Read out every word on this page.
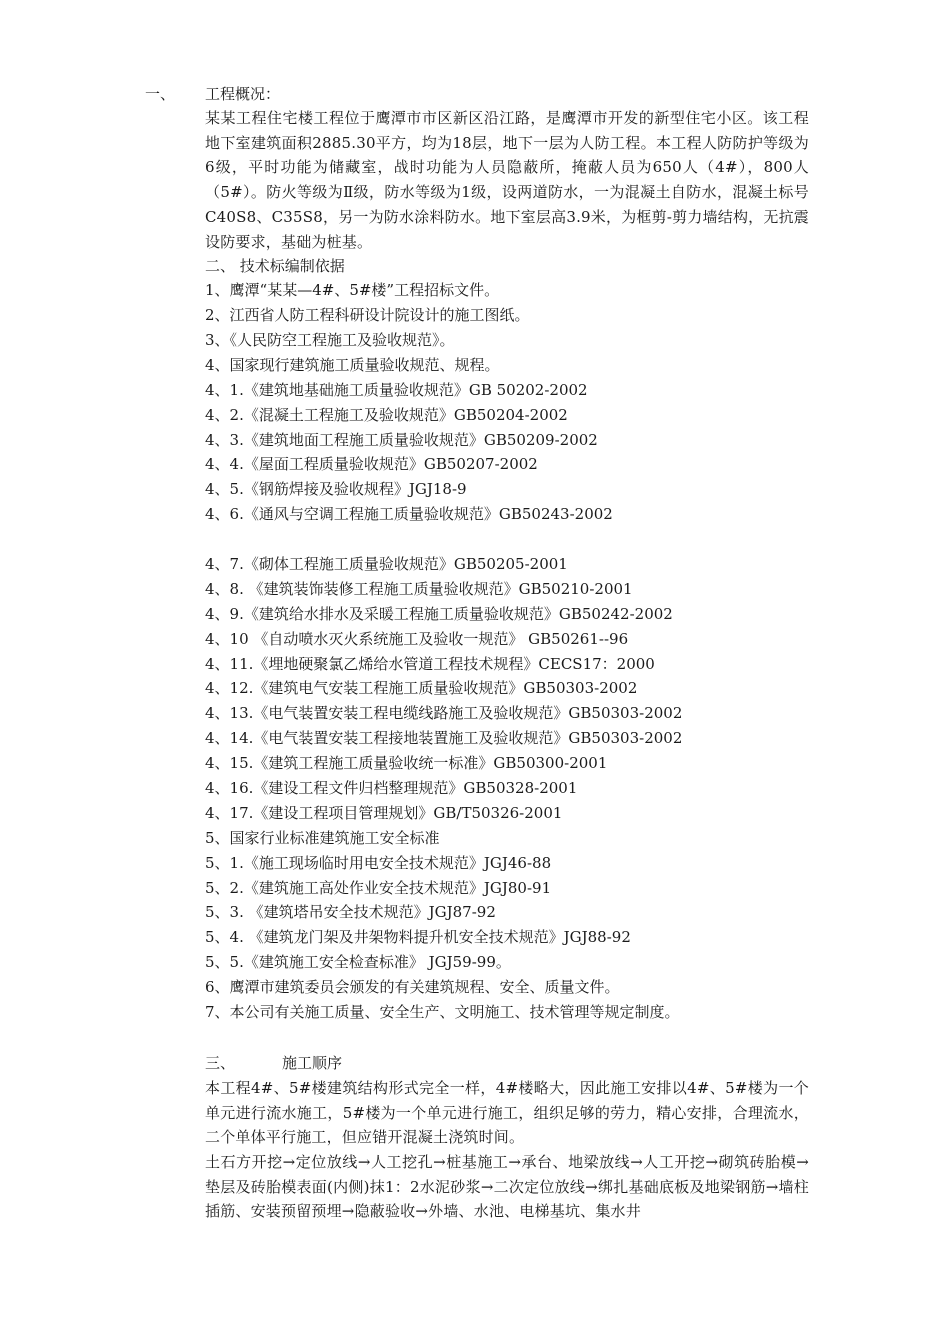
一、	工程概况：

某某工程住宅楼工程位于鹰潭市市区新区沿江路，是鹰潭市开发的新型住宅小区。该工程地下室建筑面积2885.30平方，均为18层，地下一层为人防工程。本工程人防防护等级为6级，平时功能为储藏室，战时功能为人员隐蔽所，掩蔽人员为650人（4#），800人（5#）。防火等级为Ⅱ级，防水等级为1级，设两道防水，一为混凝土自防水，混凝土标号C40S8、C35S8，另一为防水涂料防水。地下室层高3.9米，为框剪-剪力墙结构，无抗震设防要求，基础为桩基。

二、 技术标编制依据

1、鹰潭“某某—4#、5#楼”工程招标文件。

2、江西省人防工程科研设计院设计的施工图纸。

3、《人民防空工程施工及验收规范》。

4、国家现行建筑施工质量验收规范、规程。

4、1.《建筑地基础施工质量验收规范》GB 50202-2002

4、2.《混凝土工程施工及验收规范》GB50204-2002

4、3.《建筑地面工程施工质量验收规范》GB50209-2002

4、4.《屋面工程质量验收规范》GB50207-2002

4、5.《钢筋焊接及验收规程》JGJ18-9

4、6.《通风与空调工程施工质量验收规范》GB50243-2002

4、7.《砌体工程施工质量验收规范》GB50205-2001

4、8. 《建筑装饰装修工程施工质量验收规范》GB50210-2001

4、9.《建筑给水排水及采暖工程施工质量验收规范》GB50242-2002

4、10 《自动喷水灭火系统施工及验收一规范》 GB50261--96

4、11.《埋地硬聚氯乙烯给水管道工程技术规程》CECS17：2000

4、12.《建筑电气安装工程施工质量验收规范》GB50303-2002

4、13.《电气装置安装工程电缆线路施工及验收规范》GB50303-2002

4、14.《电气装置安装工程接地装置施工及验收规范》GB50303-2002

4、15.《建筑工程施工质量验收统一标准》GB50300-2001

4、16.《建设工程文件归档整理规范》GB50328-2001

4、17.《建设工程项目管理规划》GB/T50326-2001

5、国家行业标准建筑施工安全标准

5、1.《施工现场临时用电安全技术规范》JGJ46-88

5、2.《建筑施工高处作业安全技术规范》JGJ80-91

5、3. 《建筑塔吊安全技术规范》JGJ87-92

5、4. 《建筑龙门架及井架物料提升机安全技术规范》JGJ88-92

5、5.《建筑施工安全检查标准》 JGJ59-99。

6、鹰潭市建筑委员会颁发的有关建筑规程、安全、质量文件。

7、本公司有关施工质量、安全生产、文明施工、技术管理等规定制度。

三、	施工顺序

本工程4#、5#楼建筑结构形式完全一样，4#楼略大，因此施工安排以4#、5#楼为一个单元进行流水施工，5#楼为一个单元进行施工，组织足够的劳力，精心安排，合理流水，二个单体平行施工，但应错开混凝土浇筑时间。

土石方开挖→定位放线→人工挖孔→桩基施工→承台、地梁放线→人工开挖→砌筑砖胎模→垫层及砖胎模表面(内侧)抹1：2水泥砂浆→二次定位放线→绑扎基础底板及地梁钢筋→墙柱插筋、安装预留预埋→隐蔽验收→外墙、水池、电梯基坑、集水井
